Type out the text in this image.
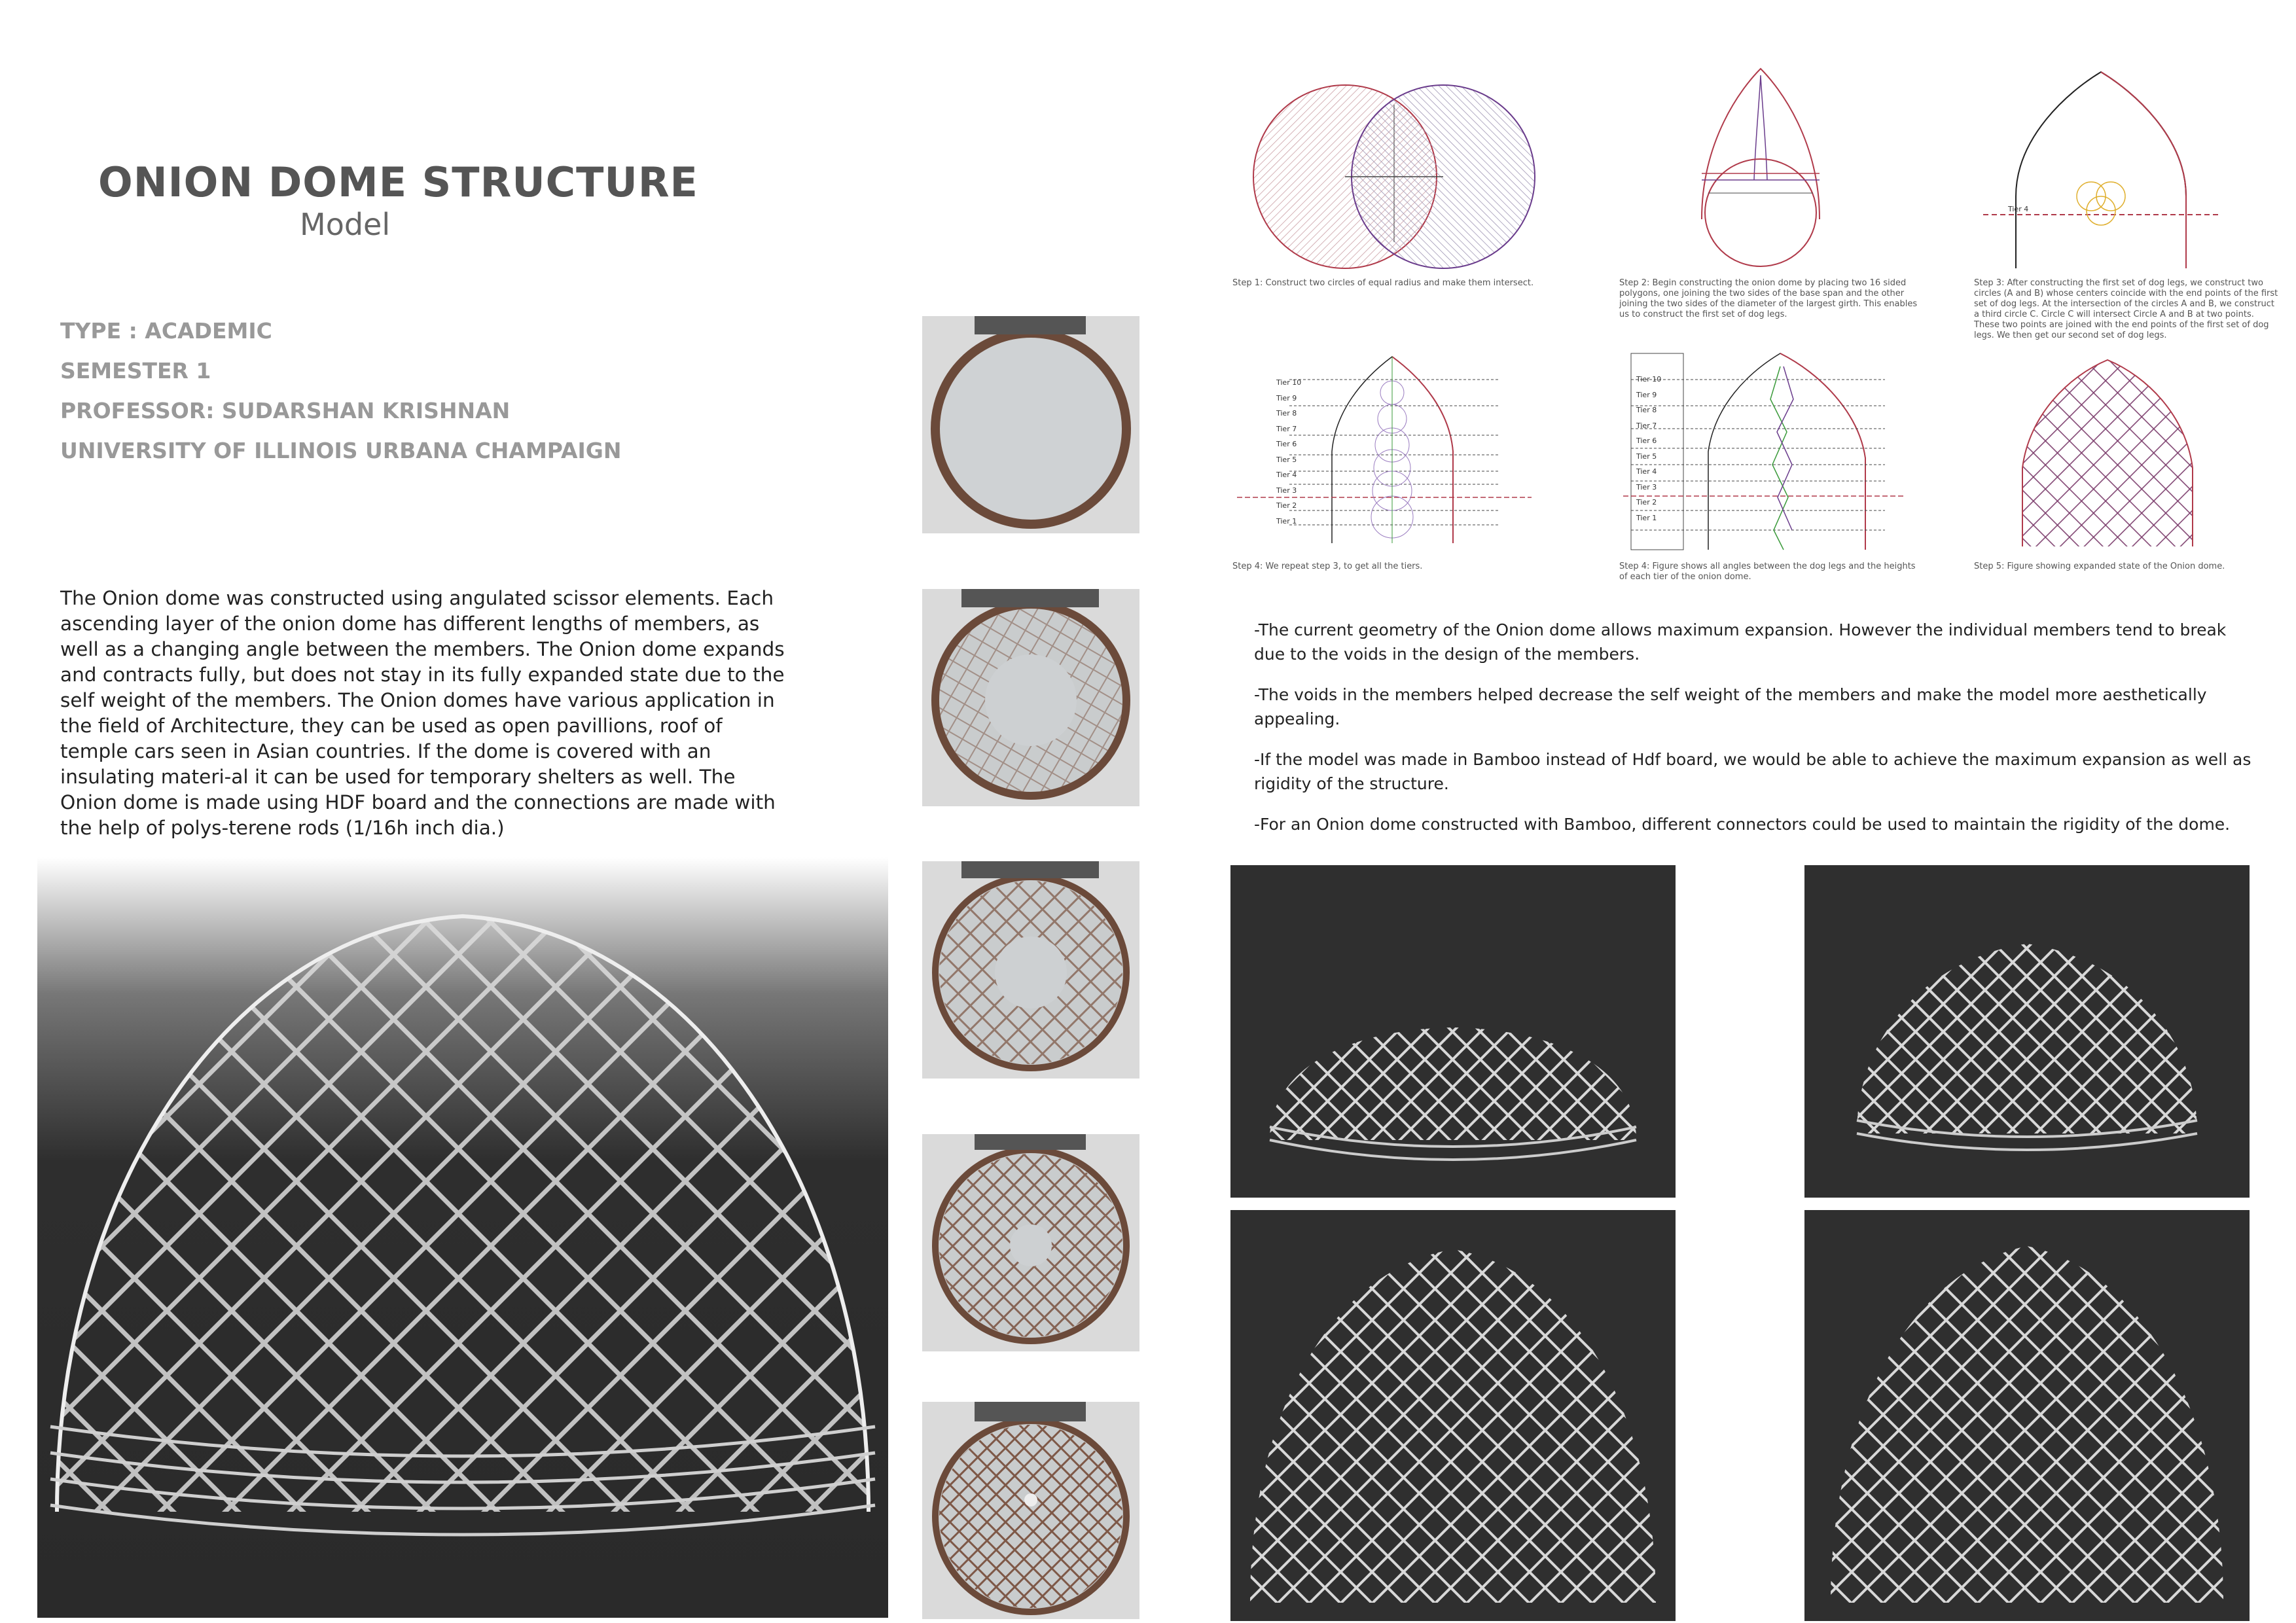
ONION DOME STRUCTURE
Model
TYPE : ACADEMIC
SEMESTER 1
PROFESSOR: SUDARSHAN KRISHNAN
UNIVERSITY OF ILLINOIS URBANA CHAMPAIGN

The Onion dome was constructed using angulated scissor elements. Each ascending layer of the onion dome has different lengths of members, as well as a changing angle between the members. The Onion dome expands and contracts fully, but does not stay in its fully expanded state due to the self weight of the members. The Onion domes have various application in the field of Architecture, they can be used as open pavillions, roof of temple cars seen in Asian countries. If the dome is covered with an insulating materi-al it can be used for temporary shelters as well. The Onion dome is made using HDF board and the connections are made with the help of polys-terene rods (1/16h inch dia.)

Step 1: Construct two circles of equal radius and make them intersect.	Step 2: Begin constructing the onion dome by placing two 16 sided polygons, one joining the two sides of the base span and the other joining the two sides of the diameter of the largest girth. This enables us to construct the first set of dog legs.
Tier 4
Step 3: After constructing the first set of dog legs, we construct two circles (A and B) whose centers coincide with the end points of the first set of dog legs. At the intersection of the circles A and B, we construct a third circle C. Circle C will intersect Circle A and B at two points. These two points are joined with the end points of the first set of dog legs. We then get our second set of dog legs.
Tier 10
Tier 9
Tier 8
Tier 7
Tier 6
Tier 5
Tier 4
Tier 3
Tier 2
Tier 1
Step 4: We repeat step 3, to get all the tiers.
Tier 10
Tier 9
Tier 8
Tier 7
Tier 6
Tier 5
Tier 4
Tier 3
Tier 2
Tier 1
Step 4: Figure shows all angles between the dog legs and the heights of each tier of the onion dome.
Step 5: Figure showing expanded state of the Onion dome.

-The current geometry of the Onion dome allows maximum expansion. However the individual members tend to break due to the voids in the design of the members.

-The voids in the members helped decrease the self weight of the members and make the model more aesthetically appealing.

-If the model was made in Bamboo instead of Hdf board, we would be able to achieve the maximum expansion as well as rigidity of the structure.

-For an Onion dome constructed with Bamboo, different connectors could be used to maintain the rigidity of the dome.
